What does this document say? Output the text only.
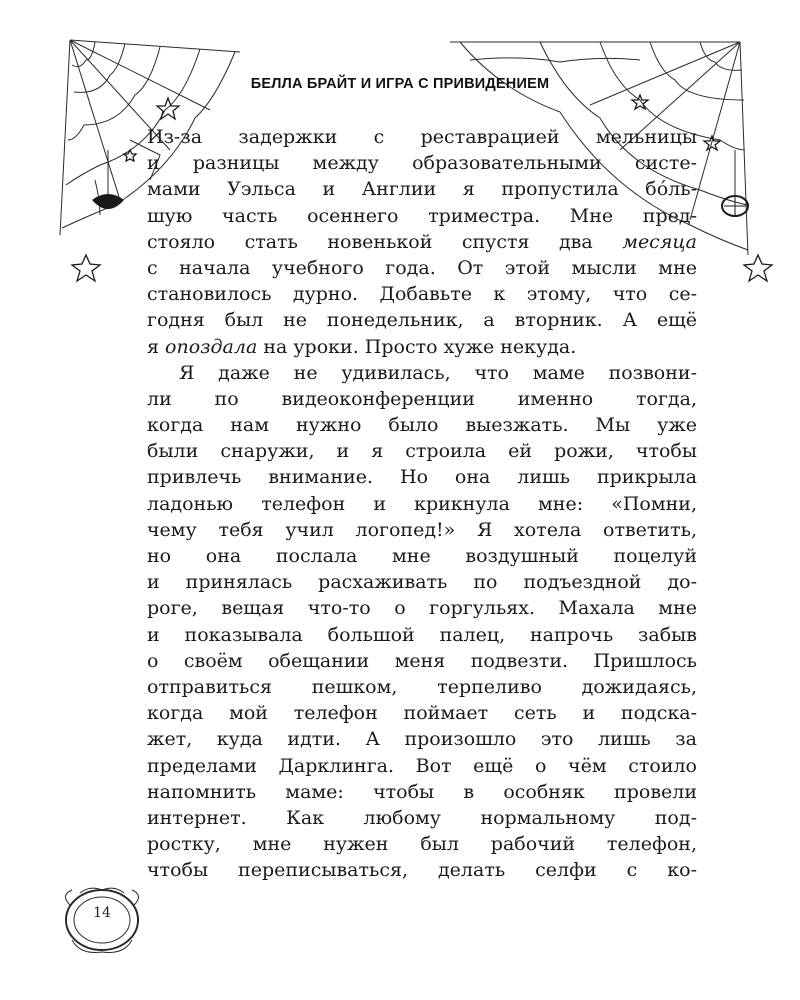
БЕЛЛА БРАЙТ И ИГРА С ПРИВИДЕНИЕМ

Из-за задержки с реставрацией мельницы
и разницы между образовательными систе-
мами Уэльса и Англии я пропустила бо́ль-
шую часть осеннего триместра. Мне пред-
стояло стать новенькой спустя два месяца
с начала учебного года. От этой мысли мне
становилось дурно. Добавьте к этому, что се-
годня был не понедельник, а вторник. А ещё
я опоздала на уроки. Просто хуже некуда.

Я даже не удивилась, что маме позвони-
ли по видеоконференции именно тогда,
когда нам нужно было выезжать. Мы уже
были снаружи, и я строила ей рожи, чтобы
привлечь внимание. Но она лишь прикрыла
ладонью телефон и крикнула мне: «Помни,
чему тебя учил логопед!» Я хотела ответить,
но она послала мне воздушный поцелуй
и принялась расхаживать по подъездной до-
роге, вещая что-то о горгульях. Махала мне
и показывала большой палец, напрочь забыв
о своём обещании меня подвезти. Пришлось
отправиться пешком, терпеливо дожидаясь,
когда мой телефон поймает сеть и подска-
жет, куда идти. А произошло это лишь за
пределами Дарклинга. Вот ещё о чём стоило
напомнить маме: чтобы в особняк провели
интернет. Как любому нормальному под-
ростку, мне нужен был рабочий телефон,
чтобы переписываться, делать селфи с ко-

14
